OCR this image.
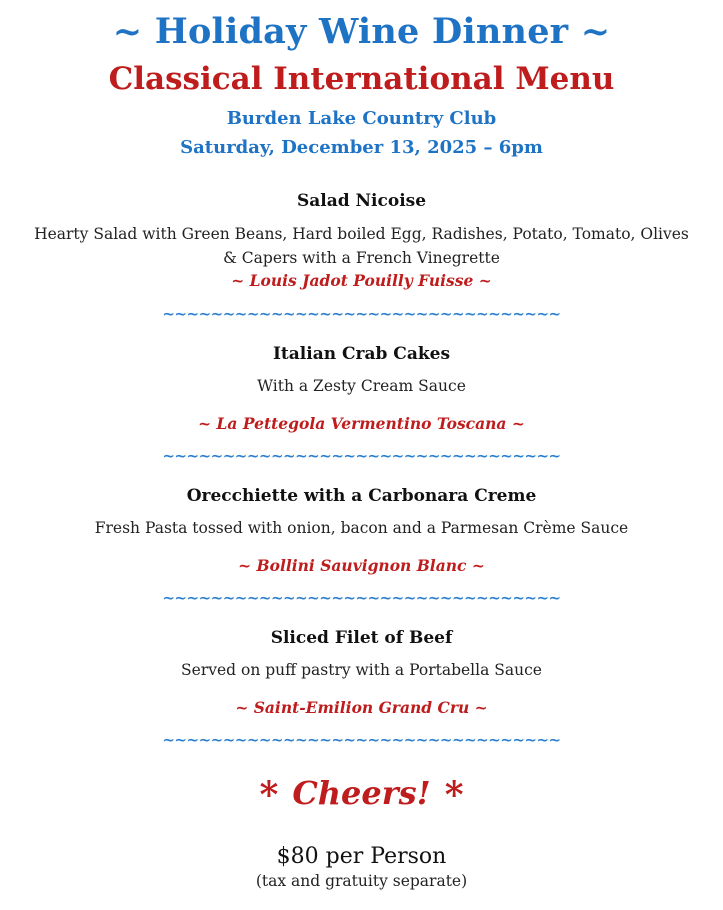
~ Holiday Wine Dinner ~
Classical International Menu
Burden Lake Country Club
Saturday, December 13, 2025 – 6pm
Salad Nicoise
Hearty Salad with Green Beans, Hard boiled Egg, Radishes, Potato, Tomato, Olives & Capers with a French Vinegrette
~ Louis Jadot Pouilly Fuisse ~
~~~~~~~~~~~~~~~~~~~~~~~~~~~~~~~~~
Italian Crab Cakes
With a Zesty Cream Sauce
~ La Pettegola Vermentino Toscana ~
~~~~~~~~~~~~~~~~~~~~~~~~~~~~~~~~~
Orecchiette with a Carbonara Creme
Fresh Pasta tossed with onion, bacon and a Parmesan Crème Sauce
~ Bollini Sauvignon Blanc ~
~~~~~~~~~~~~~~~~~~~~~~~~~~~~~~~~~
Sliced Filet of Beef
Served on puff pastry with a Portabella Sauce
~ Saint-Emilion Grand Cru ~
~~~~~~~~~~~~~~~~~~~~~~~~~~~~~~~~~
* Cheers! *
$80 per Person
(tax and gratuity separate)
